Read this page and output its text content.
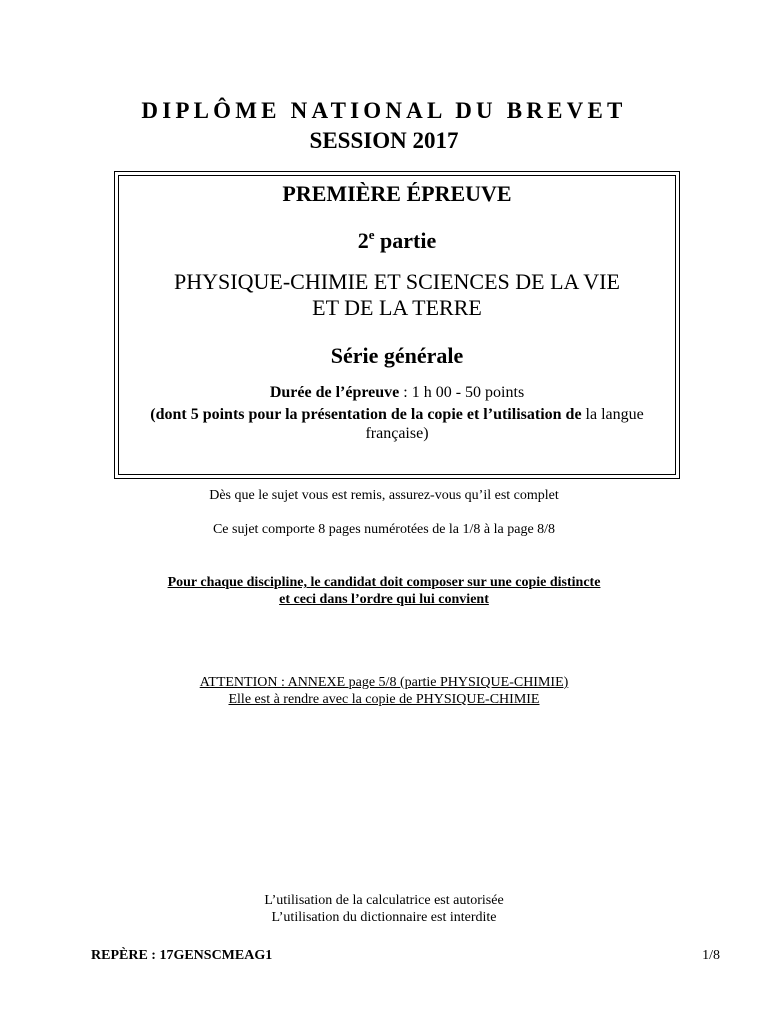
DIPLÔME NATIONAL DU BREVET
SESSION 2017
PREMIÈRE ÉPREUVE
2e partie
PHYSIQUE-CHIMIE ET SCIENCES DE LA VIE
ET DE LA TERRE
Série générale
Durée de l’épreuve : 1 h 00 - 50 points
(dont 5 points pour la présentation de la copie et l’utilisation de la langue
française)
Dès que le sujet vous est remis, assurez-vous qu’il est complet
Ce sujet comporte 8 pages numérotées de la 1/8 à la page 8/8
Pour chaque discipline, le candidat doit composer sur une copie distincte
et ceci dans l’ordre qui lui convient
ATTENTION : ANNEXE page 5/8 (partie PHYSIQUE-CHIMIE)
Elle est à rendre avec la copie de PHYSIQUE-CHIMIE
L’utilisation de la calculatrice est autorisée
L’utilisation du dictionnaire est interdite
REPÈRE : 17GENSCMEAG1	1/8
